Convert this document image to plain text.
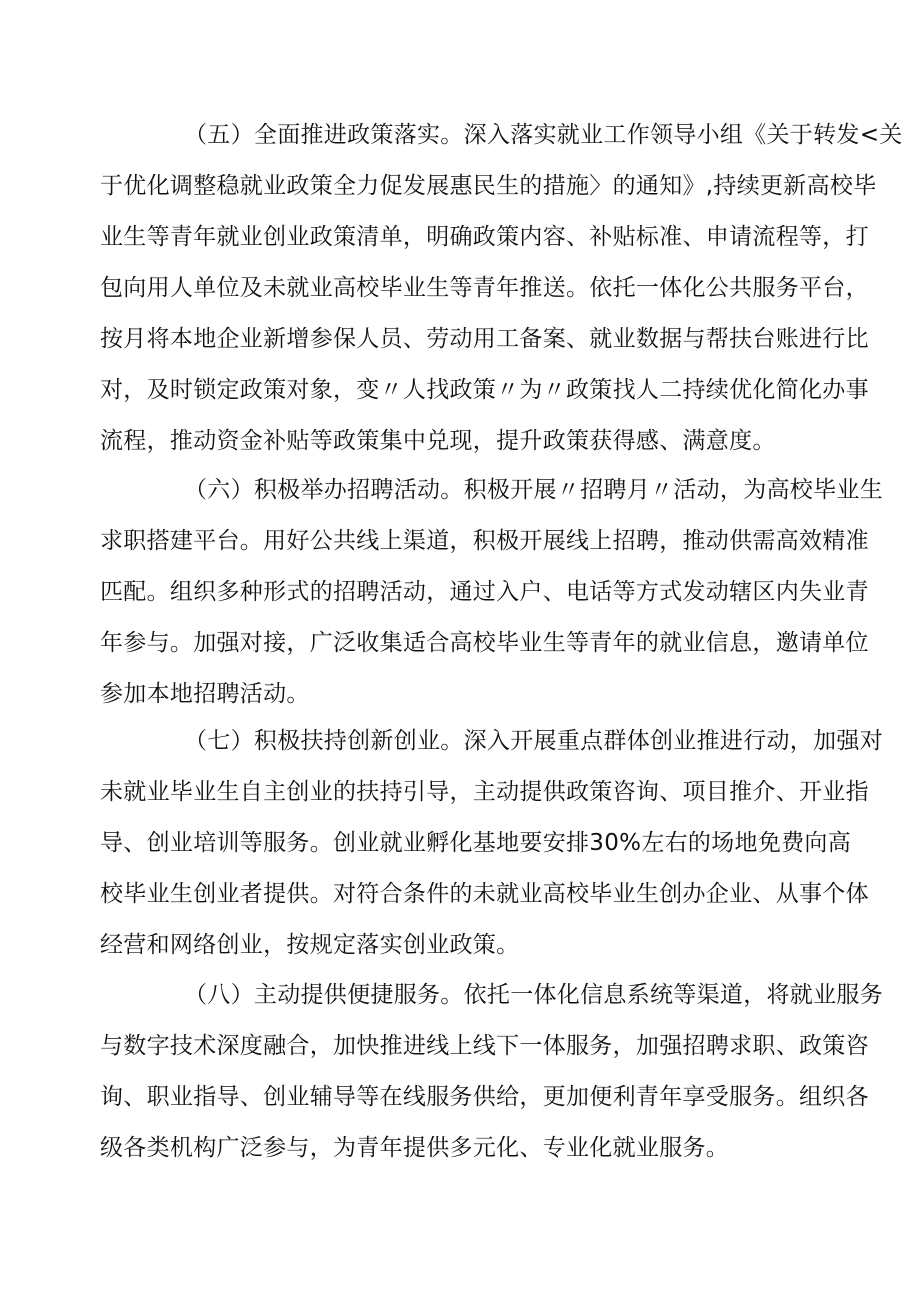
（五）全面推进政策落实。深入落实就业工作领导小组《关于转发<关
于优化调整稳就业政策全力促发展惠民生的措施〉的通知》,持续更新高校毕
业生等青年就业创业政策清单，明确政策内容、补贴标准、申请流程等，打
包向用人单位及未就业高校毕业生等青年推送。依托一体化公共服务平台，
按月将本地企业新增参保人员、劳动用工备案、就业数据与帮扶台账进行比
对，及时锁定政策对象，变〃人找政策〃为〃政策找人二持续优化简化办事
流程，推动资金补贴等政策集中兑现，提升政策获得感、满意度。
（六）积极举办招聘活动。积极开展〃招聘月〃活动，为高校毕业生
求职搭建平台。用好公共线上渠道，积极开展线上招聘，推动供需高效精准
匹配。组织多种形式的招聘活动，通过入户、电话等方式发动辖区内失业青
年参与。加强对接，广泛收集适合高校毕业生等青年的就业信息，邀请单位
参加本地招聘活动。
（七）积极扶持创新创业。深入开展重点群体创业推进行动，加强对
未就业毕业生自主创业的扶持引导，主动提供政策咨询、项目推介、开业指
导、创业培训等服务。创业就业孵化基地要安排30%左右的场地免费向高
校毕业生创业者提供。对符合条件的未就业高校毕业生创办企业、从事个体
经营和网络创业，按规定落实创业政策。
（八）主动提供便捷服务。依托一体化信息系统等渠道，将就业服务
与数字技术深度融合，加快推进线上线下一体服务，加强招聘求职、政策咨
询、职业指导、创业辅导等在线服务供给，更加便利青年享受服务。组织各
级各类机构广泛参与，为青年提供多元化、专业化就业服务。
